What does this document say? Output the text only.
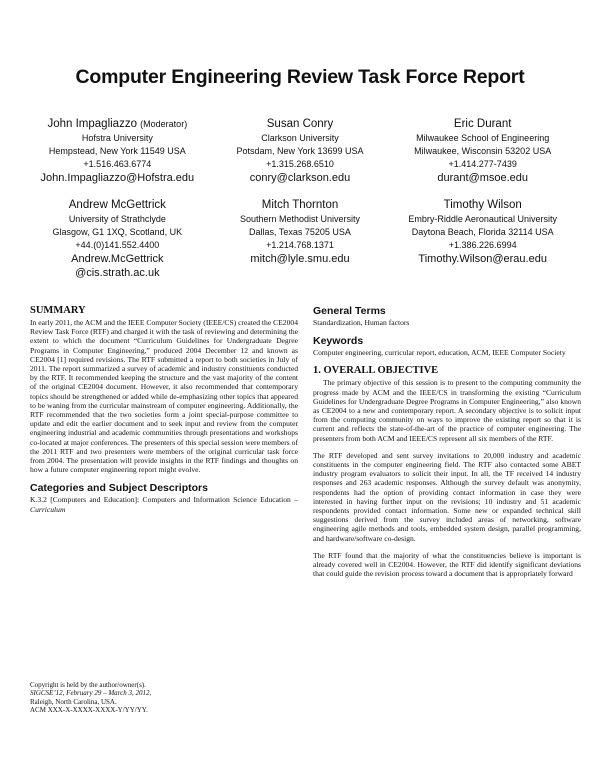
Computer Engineering Review Task Force Report
John Impagliazzo (Moderator)
Hofstra University
Hempstead, New York 11549 USA
+1.516.463.6774
John.Impagliazzo@Hofstra.edu
Susan Conry
Clarkson University
Potsdam, New York 13699 USA
+1.315.268.6510
conry@clarkson.edu
Eric Durant
Milwaukee School of Engineering
Milwaukee, Wisconsin 53202 USA
+1.414.277-7439
durant@msoe.edu
Andrew McGettrick
University of Strathclyde
Glasgow, G1 1XQ, Scotland, UK
+44.(0)141.552.4400
Andrew.McGettrick
@cis.strath.ac.uk
Mitch Thornton
Southern Methodist University
Dallas, Texas 75205 USA
+1.214.768.1371
mitch@lyle.smu.edu
Timothy Wilson
Embry-Riddle Aeronautical University
Daytona Beach, Florida 32114 USA
+1.386.226.6994
Timothy.Wilson@erau.edu
SUMMARY

In early 2011, the ACM and the IEEE Computer Society (IEEE/CS) created the CE2004 Review Task Force (RTF) and charged it with the task of reviewing and determining the extent to which the document “Curriculum Guidelines for Undergraduate Degree Programs in Computer Engineering,” produced 2004 December 12 and known as CE2004 [1] required revisions. The RTF submitted a report to both societies in July of 2011. The report summarized a survey of academic and industry constituents conducted by the RTF. It recommended keeping the structure and the vast majority of the content of the original CE2004 document. However, it also recommended that contemporary topics should be strengthened or added while de-emphasizing other topics that appeared to be waning from the curricular mainstream of computer engineering. Additionally, the RTF recommended that the two societies form a joint special-purpose committee to update and edit the earlier document and to seek input and review from the computer engineering industrial and academic communities through presentations and workshops co-located at major conferences. The presenters of this special session were members of the 2011 RTF and two presenters were members of the original curricular task force from 2004. The presentation will provide insights in the RTF findings and thoughts on how a future computer engineering report might evolve.

Categories and Subject Descriptors

K.3.2 [Computers and Education]: Computers and Information Science Education – Curriculum

Copyright is held by the author/owner(s).
SIGCSE’12, February 29 – March 3, 2012,
Raleigh, North Carolina, USA.
ACM XXX-X-XXXX-XXXX-Y/YY/YY.
General Terms

Standardization, Human factors

Keywords

Computer engineering, curricular report, education, ACM, IEEE Computer Society

1. OVERALL OBJECTIVE

The primary objective of this session is to present to the computing community the progress made by ACM and the IEEE/CS in transforming the existing “Curriculum Guidelines for Undergraduate Degree Programs in Computer Engineering,” also known as CE2004 to a new and contemporary report. A secondary objective is to solicit input from the computing community on ways to improve the existing report so that it is current and reflects the state-of-the-art of the practice of computer engineering. The presenters from both ACM and IEEE/CS represent all six members of the RTF.

The RTF developed and sent survey invitations to 20,000 industry and academic constituents in the computer engineering field. The RTF also contacted some ABET industry program evaluators to solicit their input. In all, the TF received 14 industry responses and 263 academic responses. Although the survey default was anonymity, respondents had the option of providing contact information in case they were interested in having further input on the revisions; 10 industry and 51 academic respondents provided contact information. Some new or expanded technical skill suggestions derived from the survey included areas of networking, software engineering agile methods and tools, embedded system design, parallel programming, and hardware/software co-design.

The RTF found that the majority of what the constituencies believe is important is already covered well in CE2004. However, the RTF did identify significant deviations that could guide the revision process toward a document that is appropriately forward
